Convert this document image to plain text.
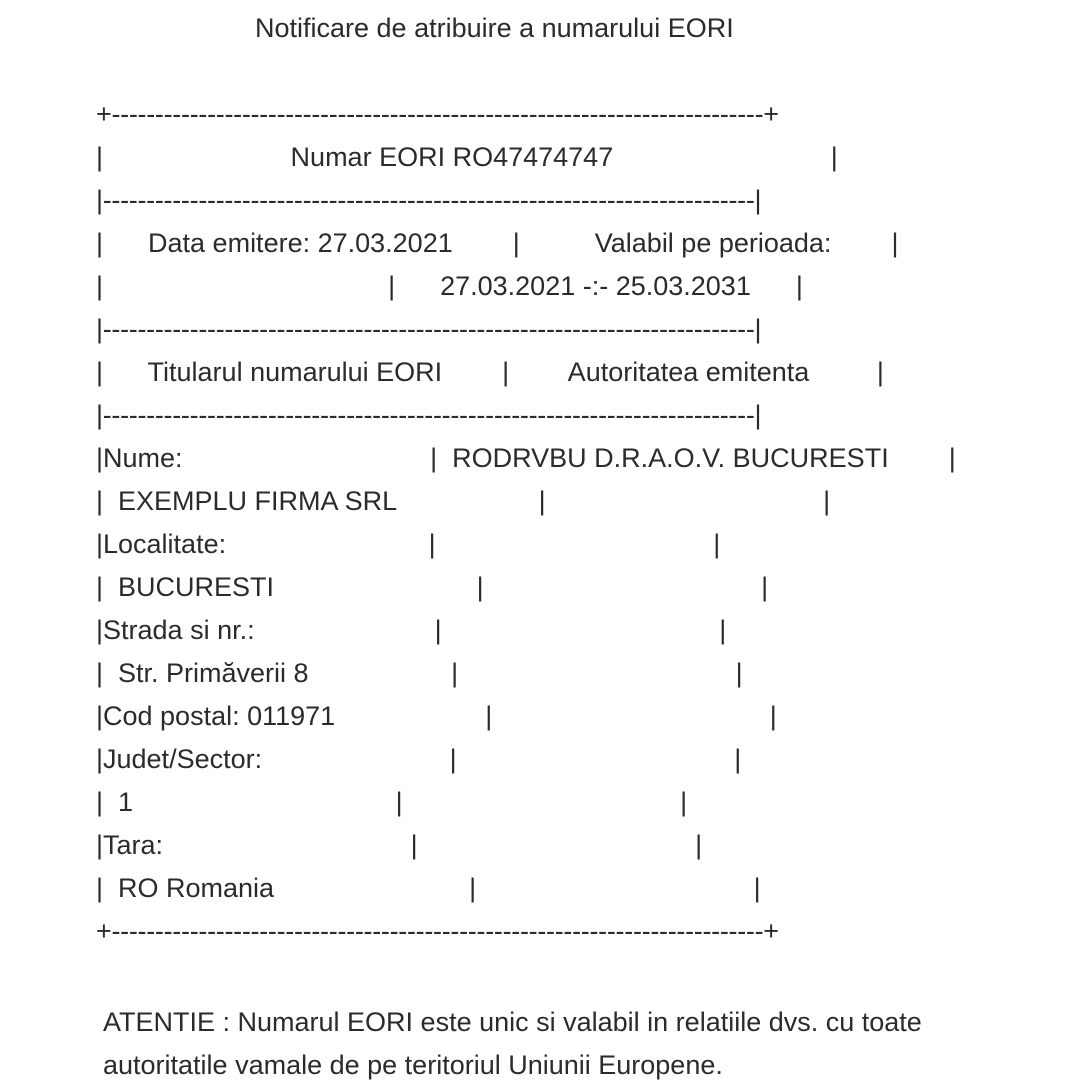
Notificare de atribuire a numarului EORI
+---------------------------------------------------------------------------+
|                         Numar EORI RO47474747                             |
|---------------------------------------------------------------------------|
|      Data emitere: 27.03.2021        |          Valabil pe perioada:        |
|                                      |      27.03.2021 -:- 25.03.2031      |
|---------------------------------------------------------------------------|
|      Titularul numarului EORI        |        Autoritatea emitenta         |
|---------------------------------------------------------------------------|
|Nume:                                 |  RODRVBU D.R.A.O.V. BUCURESTI        |
|  EXEMPLU FIRMA SRL                   |                                     |
|Localitate:                           |                                     |
|  BUCURESTI                           |                                     |
|Strada si nr.:                        |                                     |
|  Str. Primăverii 8                   |                                     |
|Cod postal: 011971                    |                                     |
|Judet/Sector:                         |                                     |
|  1                                   |                                     |
|Tara:                                 |                                     |
|  RO Romania                          |                                     |
+---------------------------------------------------------------------------+
ATENTIE : Numarul EORI este unic si valabil in relatiile dvs. cu toate autoritatile vamale de pe teritoriul Uniunii Europene.
